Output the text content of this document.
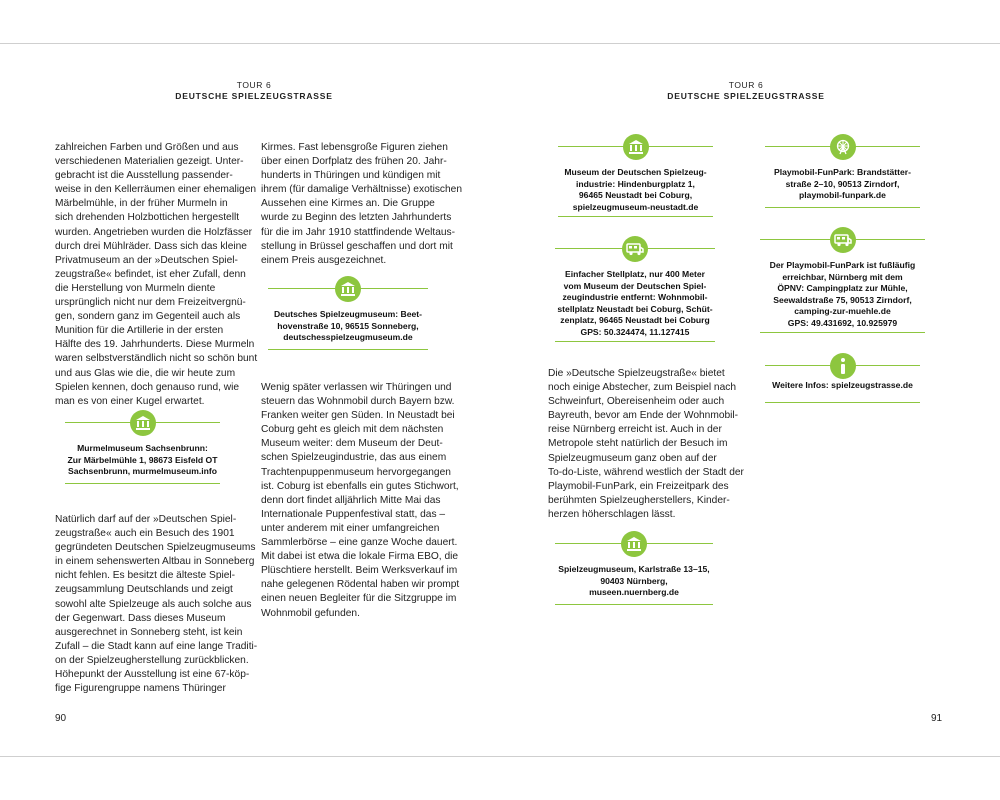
TOUR 6
DEUTSCHE SPIELZEUGSTRASSE
TOUR 6
DEUTSCHE SPIELZEUGSTRASSE
zahlreichen Farben und Größen und aus
verschiedenen Materialien gezeigt. Unter-
gebracht ist die Ausstellung passender-
weise in den Kellerräumen einer ehemaligen
Märbelmühle, in der früher Murmeln in
sich drehenden Holzbottichen hergestellt
wurden. Angetrieben wurden die Holzfässer
durch drei Mühlräder. Dass sich das kleine
Privatmuseum an der »Deutschen Spiel-
zeugstraße« befindet, ist eher Zufall, denn
die Herstellung von Murmeln diente
ursprünglich nicht nur dem Freizeitvergnü-
gen, sondern ganz im Gegenteil auch als
Munition für die Artillerie in der ersten
Hälfte des 19. Jahrhunderts. Diese Murmeln
waren selbstverständlich nicht so schön bunt
und aus Glas wie die, die wir heute zum
Spielen kennen, doch genauso rund, wie
man es von einer Kugel erwartet.
Murmelmuseum Sachsenbrunn:
Zur Märbelmühle 1, 98673 Eisfeld OT
Sachsenbrunn, murmelmuseum.info
Natürlich darf auf der »Deutschen Spiel-
zeugstraße« auch ein Besuch des 1901
gegründeten Deutschen Spielzeugmuseums
in einem sehenswerten Altbau in Sonneberg
nicht fehlen. Es besitzt die älteste Spiel-
zeugsammlung Deutschlands und zeigt
sowohl alte Spielzeuge als auch solche aus
der Gegenwart. Dass dieses Museum
ausgerechnet in Sonneberg steht, ist kein
Zufall – die Stadt kann auf eine lange Traditi-
on der Spielzeugherstellung zurückblicken.
Höhepunkt der Ausstellung ist eine 67-köp-
fige Figurengruppe namens Thüringer
Kirmes. Fast lebensgroße Figuren ziehen
über einen Dorfplatz des frühen 20. Jahr-
hunderts in Thüringen und kündigen mit
ihrem (für damalige Verhältnisse) exotischen
Aussehen eine Kirmes an. Die Gruppe
wurde zu Beginn des letzten Jahrhunderts
für die im Jahr 1910 stattfindende Weltaus-
stellung in Brüssel geschaffen und dort mit
einem Preis ausgezeichnet.
Deutsches Spielzeugmuseum: Beet-
hovenstraße 10, 96515 Sonneberg,
deutschesspielzeugmuseum.de
Wenig später verlassen wir Thüringen und
steuern das Wohnmobil durch Bayern bzw.
Franken weiter gen Süden. In Neustadt bei
Coburg geht es gleich mit dem nächsten
Museum weiter: dem Museum der Deut-
schen Spielzeugindustrie, das aus einem
Trachtenpuppenmuseum hervorgegangen
ist. Coburg ist ebenfalls ein gutes Stichwort,
denn dort findet alljährlich Mitte Mai das
Internationale Puppenfestival statt, das –
unter anderem mit einer umfangreichen
Sammlerbörse – eine ganze Woche dauert.
Mit dabei ist etwa die lokale Firma EBO, die
Plüschtiere herstellt. Beim Werksverkauf im
nahe gelegenen Rödental haben wir prompt
einen neuen Begleiter für die Sitzgruppe im
Wohnmobil gefunden.
Museum der Deutschen Spielzeug-
industrie: Hindenburgplatz 1,
96465 Neustadt bei Coburg,
spielzeugmuseum-neustadt.de
Einfacher Stellplatz, nur 400 Meter
vom Museum der Deutschen Spiel-
zeugindustrie entfernt: Wohnmobil-
stellplatz Neustadt bei Coburg, Schüt-
zenplatz, 96465 Neustadt bei Coburg
GPS: 50.324474, 11.127415
Die »Deutsche Spielzeugstraße« bietet
noch einige Abstecher, zum Beispiel nach
Schweinfurt, Obereisenheim oder auch
Bayreuth, bevor am Ende der Wohnmobil-
reise Nürnberg erreicht ist. Auch in der
Metropole steht natürlich der Besuch im
Spielzeugmuseum ganz oben auf der
To-do-Liste, während westlich der Stadt der
Playmobil-FunPark, ein Freizeitpark des
berühmten Spielzeugherstellers, Kinder-
herzen höherschlagen lässt.
Spielzeugmuseum, Karlstraße 13–15,
90403 Nürnberg,
museen.nuernberg.de
Playmobil-FunPark: Brandstätter-
straße 2–10, 90513 Zirndorf,
playmobil-funpark.de
Der Playmobil-FunPark ist fußläufig
erreichbar, Nürnberg mit dem
ÖPNV: Campingplatz zur Mühle,
Seewaldstraße 75, 90513 Zirndorf,
camping-zur-muehle.de
GPS: 49.431692, 10.925979
Weitere Infos: spielzeugstrasse.de
90	91
